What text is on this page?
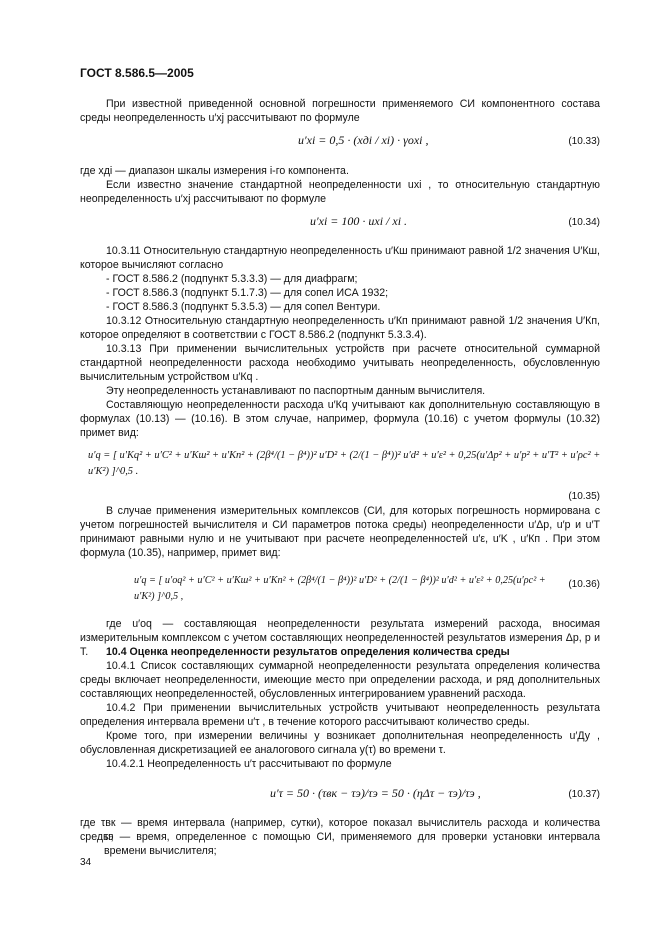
ГОСТ 8.586.5—2005
При известной приведенной основной погрешности применяемого СИ компонентного состава среды неопределенность u′xj рассчитывают по формуле
u′xi = 0,5 · (xдi / xi) · γoxi ,	(10.33)
где xдi — диапазон шкалы измерения i-го компонента.
Если известно значение стандартной неопределенности uxi , то относительную стандартную неопределенность u′xj рассчитывают по формуле
u′xi = 100 · uxi / xi .	(10.34)
10.3.11 Относительную стандартную неопределенность u′Кш принимают равной 1/2 значения U′Кш, которое вычисляют согласно
- ГОСТ 8.586.2 (подпункт 5.3.3.3) — для диафрагм;
- ГОСТ 8.586.3 (подпункт 5.1.7.3) — для сопел ИСА 1932;
- ГОСТ 8.586.3 (подпункт 5.3.5.3) — для сопел Вентури.
10.3.12 Относительную стандартную неопределенность u′Кп принимают равной 1/2 значения U′Кп, которое определяют в соответствии с ГОСТ 8.586.2 (подпункт 5.3.3.4).
10.3.13 При применении вычислительных устройств при расчете относительной суммарной стандартной неопределенности расхода необходимо учитывать неопределенность, обусловленную вычислительным устройством u′Кq .
Эту неопределенность устанавливают по паспортным данным вычислителя.
Составляющую неопределенности расхода u′Кq учитывают как дополнительную составляющую в формулах (10.13) — (10.16). В этом случае, например, формула (10.16) с учетом формулы (10.32) примет вид:
u′q = [ u′Кq² + u′C² + u′Кш² + u′Кп² + (2β⁴/(1 − β⁴))² u′D² + (2/(1 − β⁴))² u′d² + u′ε² + 0,25(u′Δp² + u′p² + u′T² + u′ρc² + u′K²) ]^0,5 .
(10.35)
В случае применения измерительных комплексов (СИ, для которых погрешность нормирована с учетом погрешностей вычислителя и СИ параметров потока среды) неопределенности u′Δp, u′p и u′T принимают равными нулю и не учитывают при расчете неопределенностей u′ε, u′K , u′Кп . При этом формула (10.35), например, примет вид:
u′q = [ u′oq² + u′C² + u′Кш² + u′Кп² + (2β⁴/(1 − β⁴))² u′D² + (2/(1 − β⁴))² u′d² + u′ε² + 0,25(u′ρc² + u′K²) ]^0,5 ,
(10.36)
где u′oq — составляющая неопределенности результата измерений расхода, вносимая измерительным комплексом с учетом составляющих неопределенностей результатов измерения Δp, p и T.	10.4 Оценка неопределенности результатов определения количества среды
10.4.1 Список составляющих суммарной неопределенности результата определения количества среды включает неопределенности, имеющие место при определении расхода, и ряд дополнительных составляющих неопределенностей, обусловленных интегрированием уравнений расхода.
10.4.2 При применении вычислительных устройств учитывают неопределенность результата определения интервала времени u′τ , в течение которого рассчитывают количество среды.
Кроме того, при измерении величины y возникает дополнительная неопределенность u′Ду , обусловленная дискретизацией ее аналогового сигнала y(τ) во времени τ.
10.4.2.1 Неопределенность u′τ рассчитывают по формуле
u′τ = 50 · (τвк − τэ)/τэ = 50 · (ηΔτ − τэ)/τэ ,	(10.37)
где τвк — время интервала (например, сутки), которое показал вычислитель расхода и количества среды;
τэ — время, определенное с помощью СИ, применяемого для проверки установки интервала времени вычислителя;
34
